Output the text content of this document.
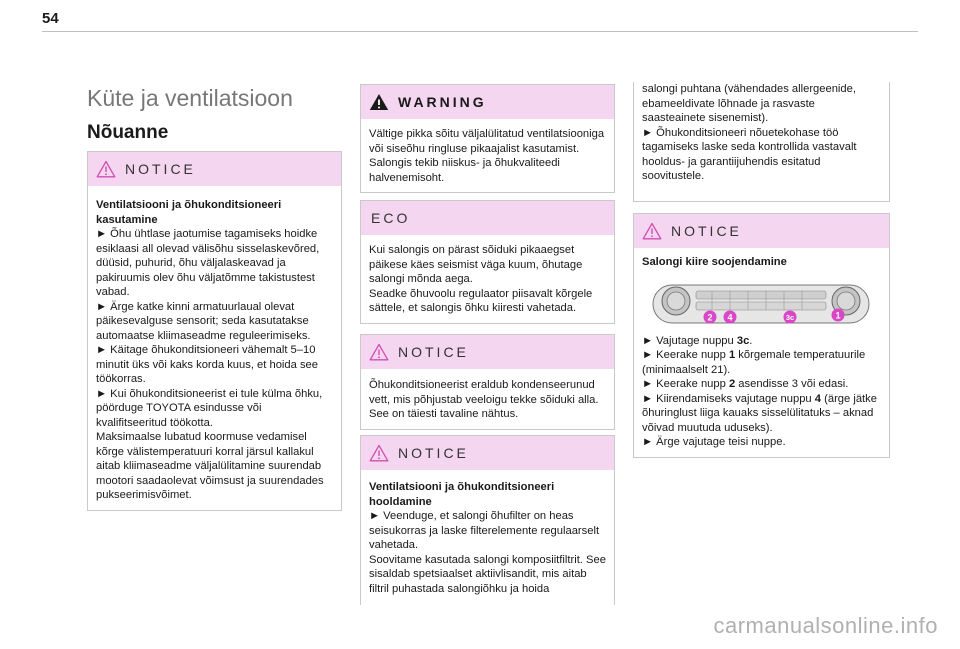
54
Küte ja ventilatsioon
Nõuanne
NOTICE

Ventilatsiooni ja õhukonditsioneeri kasutamine

► Õhu ühtlase jaotumise tagamiseks hoidke esiklaasi all olevad välisõhu sisselaskevõred, düüsid, puhurid, õhu väljalaskeavad ja pakiruumis olev õhu väljatõmme takistustest vabad.

► Ärge katke kinni armatuurlaual olevat päikesevalguse sensorit; seda kasutatakse automaatse kliimaseadme reguleerimiseks.

► Käitage õhukonditsioneeri vähemalt 5–10 minutit üks või kaks korda kuus, et hoida see töökorras.

► Kui õhukonditsioneerist ei tule külma õhku, pöörduge TOYOTA esindusse või kvalifitseeritud töökotta.

Maksimaalse lubatud koormuse vedamisel kõrge välistemperatuuri korral järsul kallakul aitab kliimaseadme väljalülitamine suurendab mootori saadaolevat võimsust ja suurendades pukseerimisvõimet.

WARNING

Vältige pikka sõitu väljalülitatud ventilatsiooniga või siseõhu ringluse pikaajalist kasutamist. Salongis tekib niiskus- ja õhukvaliteedi halvenemisoht.

ECO

Kui salongis on pärast sõiduki pikaaegset päikese käes seismist väga kuum, õhutage salongi mõnda aega.

Seadke õhuvoolu regulaator piisavalt kõrgele sättele, et salongis õhku kiiresti vahetada.

NOTICE

Õhukonditsioneerist eraldub kondenseerunud vett, mis põhjustab veeloigu tekke sõiduki alla. See on täiesti tavaline nähtus.

NOTICE

Ventilatsiooni ja õhukonditsioneeri hooldamine

► Veenduge, et salongi õhufilter on heas seisukorras ja laske filterelemente regulaarselt vahetada.

Soovitame kasutada salongi komposiitfiltrit. See sisaldab spetsiaalset aktiivlisandit, mis aitab filtril puhastada salongiõhku ja hoida

salongi puhtana (vähendades allergeenide, ebameeldivate lõhnade ja rasvaste saasteainete sisenemist).

► Õhukonditsioneeri nõuetekohase töö tagamiseks laske seda kontrollida vastavalt hooldus- ja garantiijuhendis esitatud soovitustele.

NOTICE

Salongi kiire soojendamine

2 4	3c	1

► Vajutage nuppu 3c.

► Keerake nupp 1 kõrgemale temperatuurile (minimaalselt 21).

► Keerake nupp 2 asendisse 3 või edasi.

► Kiirendamiseks vajutage nuppu 4 (ärge jätke õhuringlust liiga kauaks sisselülitatuks – aknad võivad muutuda uduseks).

► Ärge vajutage teisi nuppe.

carmanualsonline.info
